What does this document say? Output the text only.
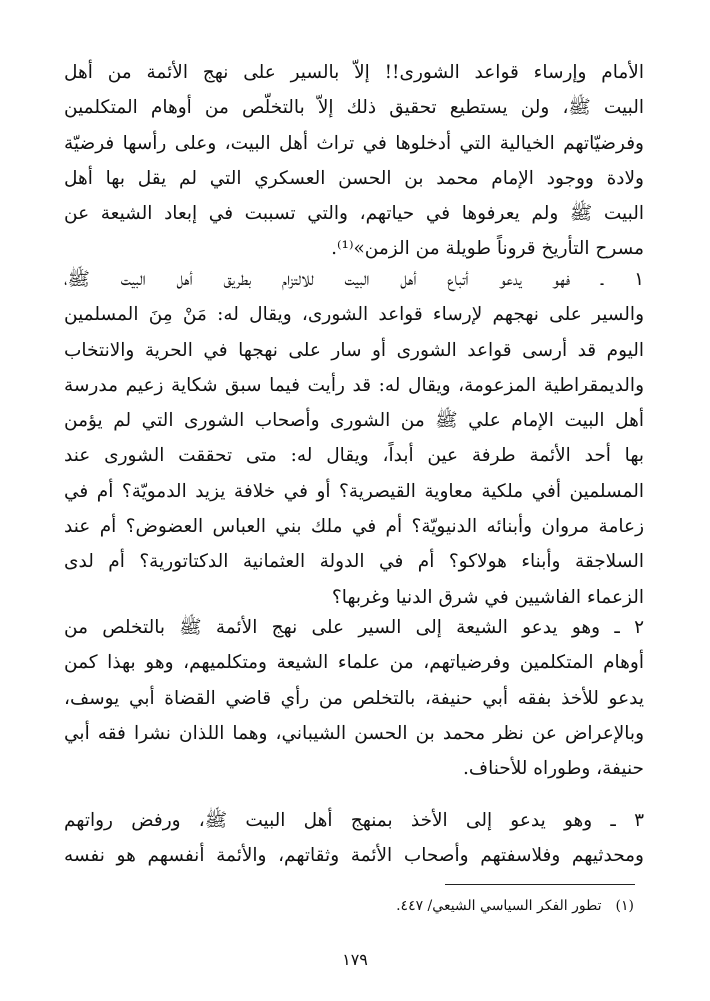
الأمام وإرساء قواعد الشورى!! إلاّ بالسير على نهج الأئمة من أهل
البيت ﷺ، ولن يستطيع تحقيق ذلك إلاّ بالتخلّص من أوهام المتكلمين
وفرضيّاتهم الخيالية التي أدخلوها في تراث أهل البيت، وعلى رأسها فرضيّة
ولادة ووجود الإمام محمد بن الحسن العسكري التي لم يقل بها أهل
البيت ﷺ ولم يعرفوها في حياتهم، والتي تسببت في إبعاد الشيعة عن
مسرح التأريخ قروناً طويلة من الزمن»⁽¹⁾.
١ ـ فهو يدعو أتباع أهل البيت للالتزام بطريق أهل البيت ﷺ،
والسير على نهجهم لإرساء قواعد الشورى، ويقال له: مَنْ مِنَ المسلمين
اليوم قد أرسى قواعد الشورى أو سار على نهجها في الحرية والانتخاب
والديمقراطية المزعومة، ويقال له: قد رأيت فيما سبق شكاية زعيم مدرسة
أهل البيت الإمام علي ﷺ من الشورى وأصحاب الشورى التي لم يؤمن
بها أحد الأئمة طرفة عين أبداً، ويقال له: متى تحققت الشورى عند
المسلمين أفي ملكية معاوية القيصرية؟ أو في خلافة يزيد الدمويّة؟ أم في
زعامة مروان وأبنائه الدنيويّة؟ أم في ملك بني العباس العضوض؟ أم عند
السلاجقة وأبناء هولاكو؟ أم في الدولة العثمانية الدكتاتورية؟ أم لدى
الزعماء الفاشيين في شرق الدنيا وغربها؟
٢ ـ وهو يدعو الشيعة إلى السير على نهج الأئمة ﷺ بالتخلص من
أوهام المتكلمين وفرضياتهم، من علماء الشيعة ومتكلميهم، وهو بهذا كمن
يدعو للأخذ بفقه أبي حنيفة، بالتخلص من رأي قاضي القضاة أبي يوسف،
وبالإعراض عن نظر محمد بن الحسن الشيباني، وهما اللذان نشرا فقه أبي
حنيفة، وطوراه للأحناف.
٣ ـ وهو يدعو إلى الأخذ بمنهج أهل البيت ﷺ، ورفض رواتهم
ومحدثيهم وفلاسفتهم وأصحاب الأئمة وثقاتهم، والأئمة أنفسهم هو نفسه
(١)تطور الفكر السياسي الشيعي/ ٤٤٧.
١٧٩
